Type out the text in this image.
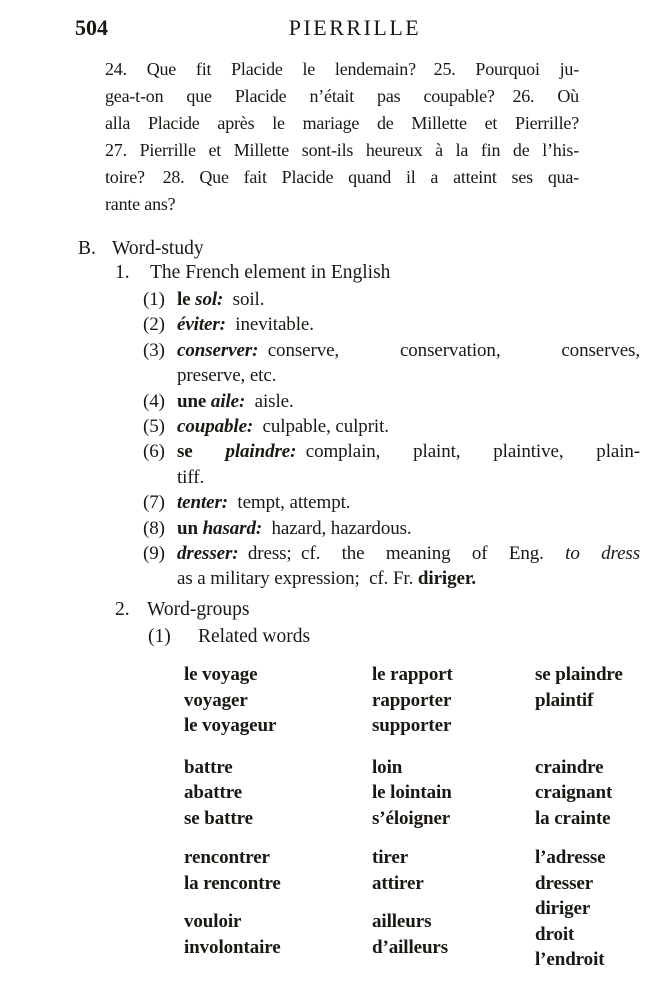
504	PIERRILLE
24. Que fit Placide le lendemain? 25. Pourquoi ju-
gea-t-on que Placide n’était pas coupable? 26. Où
alla Placide après le mariage de Millette et Pierrille?
27. Pierrille et Millette sont-ils heureux à la fin de l’his-
toire? 28. Que fait Placide quand il a atteint ses qua-
rante ans?
B. Word-study
1. The French element in English
(1) le sol: soil.
(2) éviter: inevitable.
(3) conserver: conserve, conservation, conserves,
preserve, etc.
(4) une aile: aisle.
(5) coupable: culpable, culprit.
(6) se plaindre: complain, plaint, plaintive, plain-
tiff.
(7) tenter: tempt, attempt.
(8) un hasard: hazard, hazardous.
(9) dresser: dress; cf. the meaning of Eng. to dress
as a military expression; cf. Fr. diriger.
2. Word-groups
(1) Related words
le voyage
voyager
le voyageur
le rapport
rapporter
supporter
se plaindre
plaintif
battre
abattre
se battre
loin
le lointain
s’éloigner
craindre
craignant
la crainte
rencontrer
la rencontre
vouloir
involontaire
tirer
attirer
ailleurs
d’ailleurs
l’adresse
dresser
diriger
droit
l’endroit
